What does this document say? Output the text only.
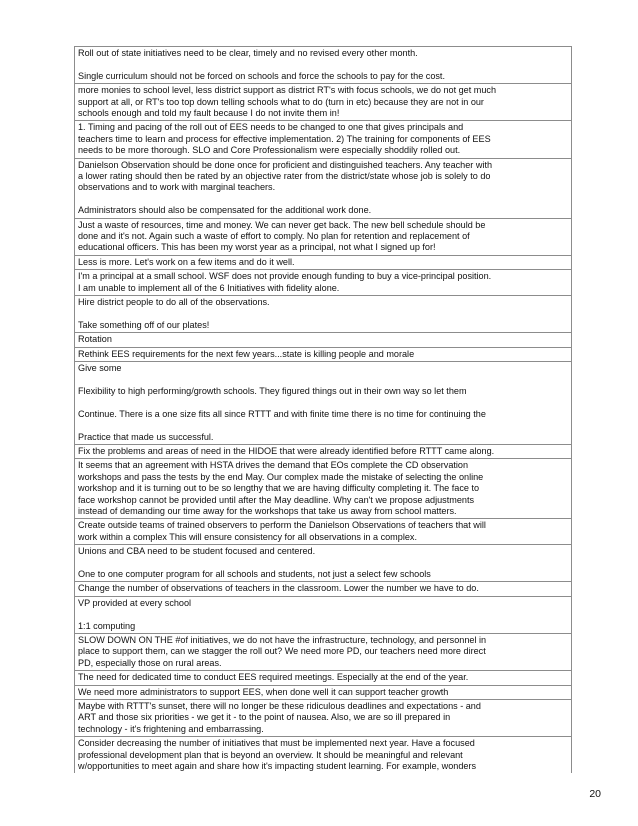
Roll out of state initiatives need to be clear, timely and no revised every other month.
Single curriculum should not be forced on schools and force the schools to pay for the cost.
more monies to school level, less district support as district RT's with focus schools, we do not get much
support at all, or RT's too top down telling schools what to do (turn in etc) because they are not in our
schools enough and told my fault because I do not invite them in!
1. Timing and pacing of the roll out of EES needs to be changed to one that gives principals and
teachers time to learn and process for effective implementation. 2) The training for components of EES
needs to be more thorough. SLO and Core Professionalism were especially shoddily rolled out.
Danielson Observation should be done once for proficient and distinguished teachers. Any teacher with
a lower rating should then be rated by an objective rater from the district/state whose job is solely to do
observations and to work with marginal teachers.
Administrators should also be compensated for the additional work done.
Just a waste of resources, time and money. We can never get back. The new bell schedule should be
done and it's not. Again such a waste of effort to comply. No plan for retention and replacement of
educational officers. This has been my worst year as a principal, not what I signed up for!
Less is more. Let's work on a few items and do it well.
I'm a principal at a small school. WSF does not provide enough funding to buy a vice-principal position.
I am unable to implement all of the 6 Initiatives with fidelity alone.
Hire district people to do all of the observations.
Take something off of our plates!
Rotation
Rethink EES requirements for the next few years...state is killing people and morale
Give some
Flexibility to high performing/growth schools. They figured things out in their own way so let them
Continue. There is a one size fits all since RTTT and with finite time there is no time for continuing the
Practice that made us successful.
Fix the problems and areas of need in the HIDOE that were already identified before RTTT came along.
It seems that an agreement with HSTA drives the demand that EOs complete the CD observation
workshops and pass the tests by the end May. Our complex made the mistake of selecting the online
workshop and it is turning out to be so lengthy that we are having difficulty completing it. The face to
face workshop cannot be provided until after the May deadline. Why can't we propose adjustments
instead of demanding our time away for the workshops that take us away from school matters.
Create outside teams of trained observers to perform the Danielson Observations of teachers that will
work within a complex This will ensure consistency for all observations in a complex.
Unions and CBA need to be student focused and centered.
One to one computer program for all schools and students, not just a select few schools
Change the number of observations of teachers in the classroom. Lower the number we have to do.
VP provided at every school
1:1 computing
SLOW DOWN ON THE #of initiatives, we do not have the infrastructure, technology, and personnel in
place to support them, can we stagger the roll out? We need more PD, our teachers need more direct
PD, especially those on rural areas.
The need for dedicated time to conduct EES required meetings. Especially at the end of the year.
We need more administrators to support EES, when done well it can support teacher growth
Maybe with RTTT's sunset, there will no longer be these ridiculous deadlines and expectations - and
ART and those six priorities - we get it - to the point of nausea. Also, we are so ill prepared in
technology - it's frightening and embarrassing.
Consider decreasing the number of initiatives that must be implemented next year. Have a focused
professional development plan that is beyond an overview. It should be meaningful and relevant
w/opportunities to meet again and share how it's impacting student learning. For example, wonders
20
